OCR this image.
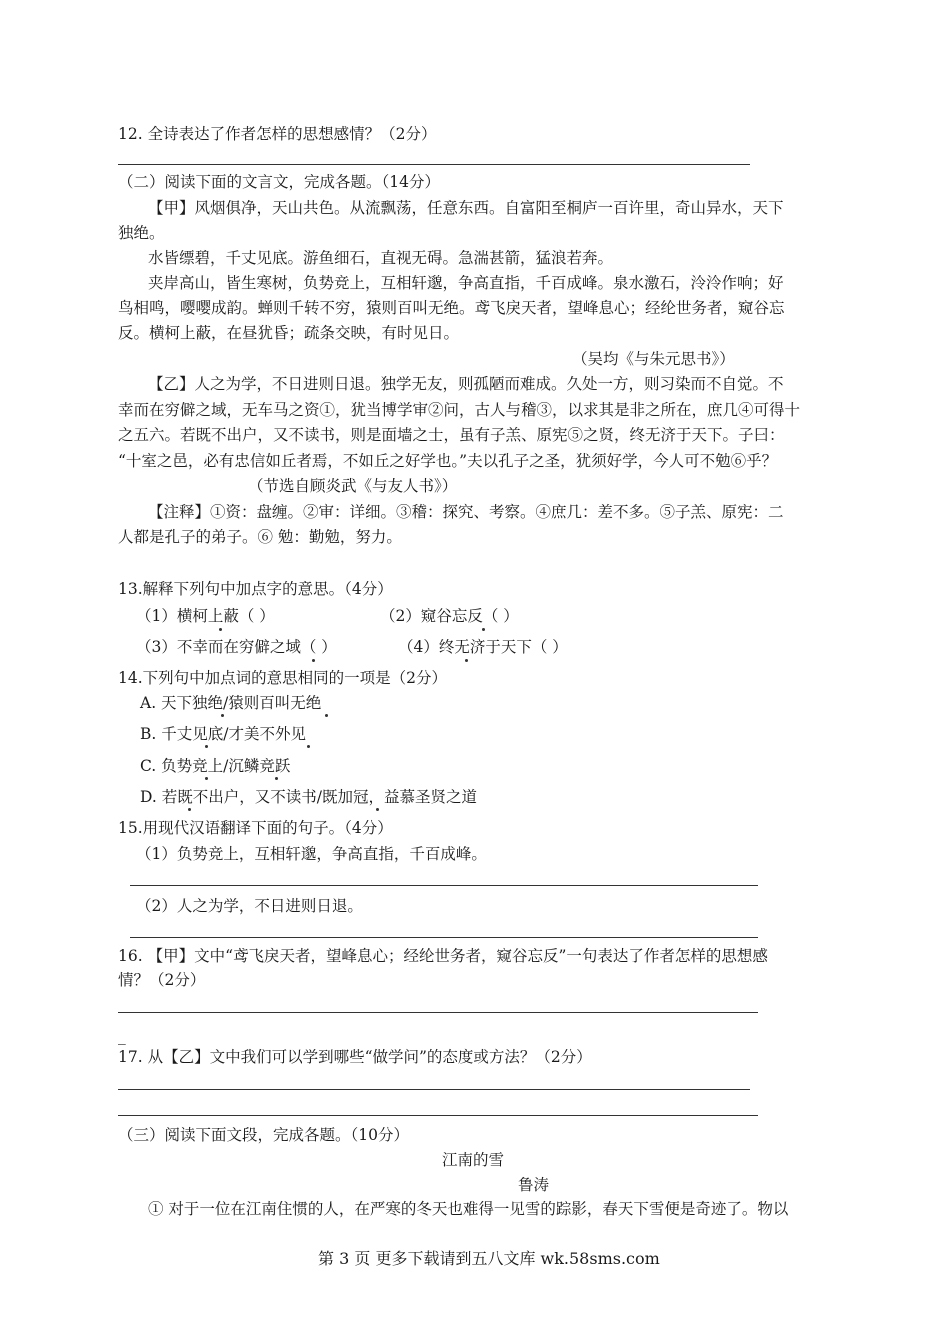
12. 全诗表达了作者怎样的思想感情？（2分）
（二）阅读下面的文言文，完成各题。（14分）
【甲】风烟俱净，天山共色。从流飘荡，任意东西。自富阳至桐庐一百许里，奇山异水，天下
独绝。
水皆缥碧，千丈见底。游鱼细石，直视无碍。急湍甚箭，猛浪若奔。
夹岸高山，皆生寒树，负势竞上，互相轩邈，争高直指，千百成峰。泉水激石，泠泠作响；好
鸟相鸣，嘤嘤成韵。蝉则千转不穷，猿则百叫无绝。鸢飞戾天者，望峰息心；经纶世务者，窥谷忘
反。横柯上蔽，在昼犹昏；疏条交映，有时见日。
（吴均《与朱元思书》）
【乙】人之为学，不日进则日退。独学无友，则孤陋而难成。久处一方，则习染而不自觉。不
幸而在穷僻之域，无车马之资①，犹当博学审②问，古人与稽③，以求其是非之所在，庶几④可得十
之五六。若既不出户，又不读书，则是面墙之士，虽有子羔、原宪⑤之贤，终无济于天下。子曰：
“十室之邑，必有忠信如丘者焉，不如丘之好学也。”夫以孔子之圣，犹须好学，今人可不勉⑥乎？
（节选自顾炎武《与友人书》）
【注释】①资：盘缠。②审：详细。③稽：探究、考察。④庶几：差不多。⑤子羔、原宪：二
人都是孔子的弟子。⑥ 勉：勤勉，努力。
13.解释下列句中加点字的意思。（4分）
（1）横柯上蔽（ ）	（2）窥谷忘反（ ）
（3）不幸而在穷僻之域（ ）	（4）终无济于天下（ ）
14.下列句中加点词的意思相同的一项是（2分）
A. 天下独绝/猿则百叫无绝
B. 千丈见底/才美不外见
C. 负势竞上/沉鳞竞跃
D. 若既不出户，又不读书/既加冠，益慕圣贤之道
15.用现代汉语翻译下面的句子。（4分）
（1）负势竞上，互相轩邈，争高直指，千百成峰。
（2）人之为学，不日进则日退。
16. 【甲】文中“鸢飞戾天者，望峰息心；经纶世务者，窥谷忘反”一句表达了作者怎样的思想感
情？（2分）
_
17. 从【乙】文中我们可以学到哪些“做学问”的态度或方法？（2分）
（三）阅读下面文段，完成各题。（10分）
江南的雪
鲁涛
① 对于一位在江南住惯的人，在严寒的冬天也难得一见雪的踪影，春天下雪便是奇迹了。物以
第 3 页 更多下载请到五八文库 wk.58sms.com
